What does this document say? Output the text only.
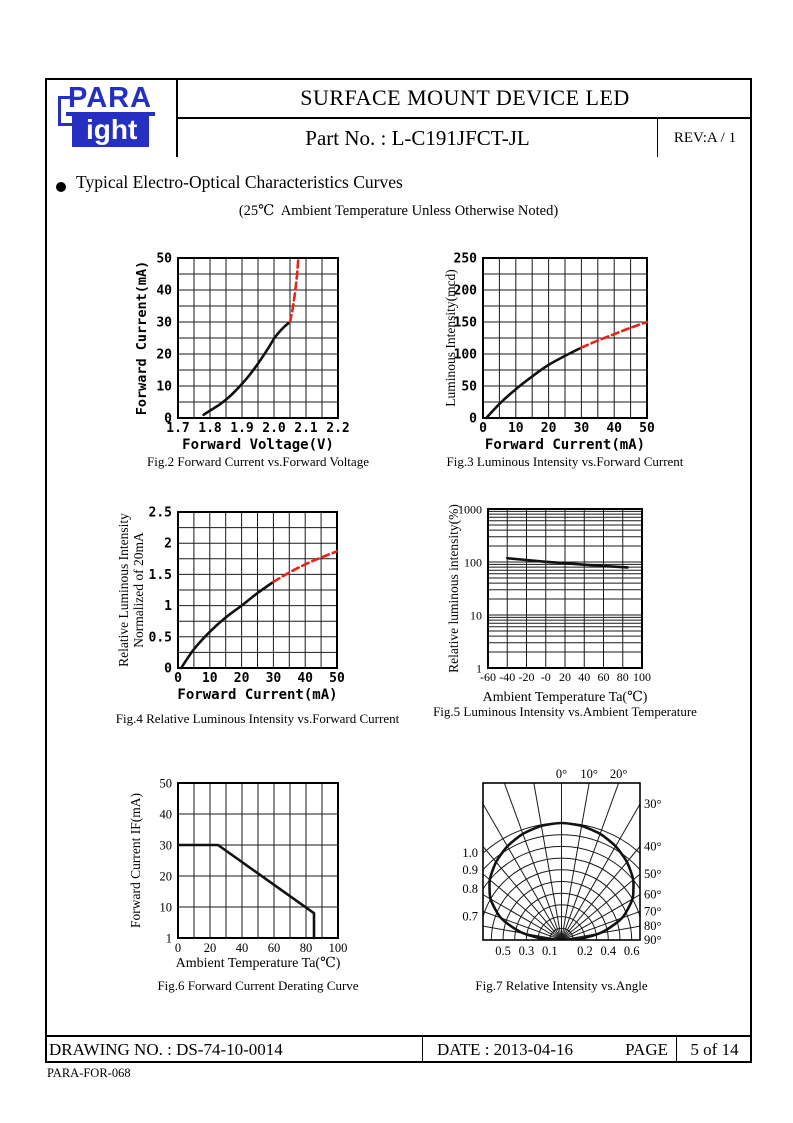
PARA
ight
SURFACE MOUNT DEVICE LED
Part No. : L-C191JFCT-JL	REV:A / 1
Typical Electro-Optical Characteristics Curves
(25℃  Ambient Temperature Unless Otherwise Noted)
1.7 1.8 1.9 2.0 2.1 2.2
0
10
20
30
40
50
Forward Voltage(V)
Forward Current(mA)
Fig.2 Forward Current vs.Forward Voltage
0 10 20 30 40 50
0
50
100
150
200
250
Forward Current(mA)
Luminous Intensity(mcd)
Fig.3 Luminous Intensity vs.Forward Current
0 10 20 30 40 50
0
0.5
1
1.5
2
2.5
Forward Current(mA)
Relative Luminous Intensity Normalized of 20mA
Fig.4 Relative Luminous Intensity vs.Forward Current
-60 -40 -20 -0 20 40 60 80 100
1
10
100
1000
Ambient Temperature Ta(℃)
Relative luminous intensity(%)
Fig.5 Luminous Intensity vs.Ambient Temperature
0 20 40 60 80 100
1
10
20
30
40
50
Ambient Temperature Ta(℃)
Forward Current IF(mA)
Fig.6 Forward Current Derating Curve
0° 10° 20°
30°
40°
50°
60°
70°
80°
90°
1.0
0.9
0.8
0.7
0.5 0.3 0.1 0.2 0.4 0.6
Fig.7 Relative Intensity vs.Angle
DRAWING NO. : DS-74-10-0014	DATE : 2013-04-16	PAGE	5 of 14
PARA-FOR-068
